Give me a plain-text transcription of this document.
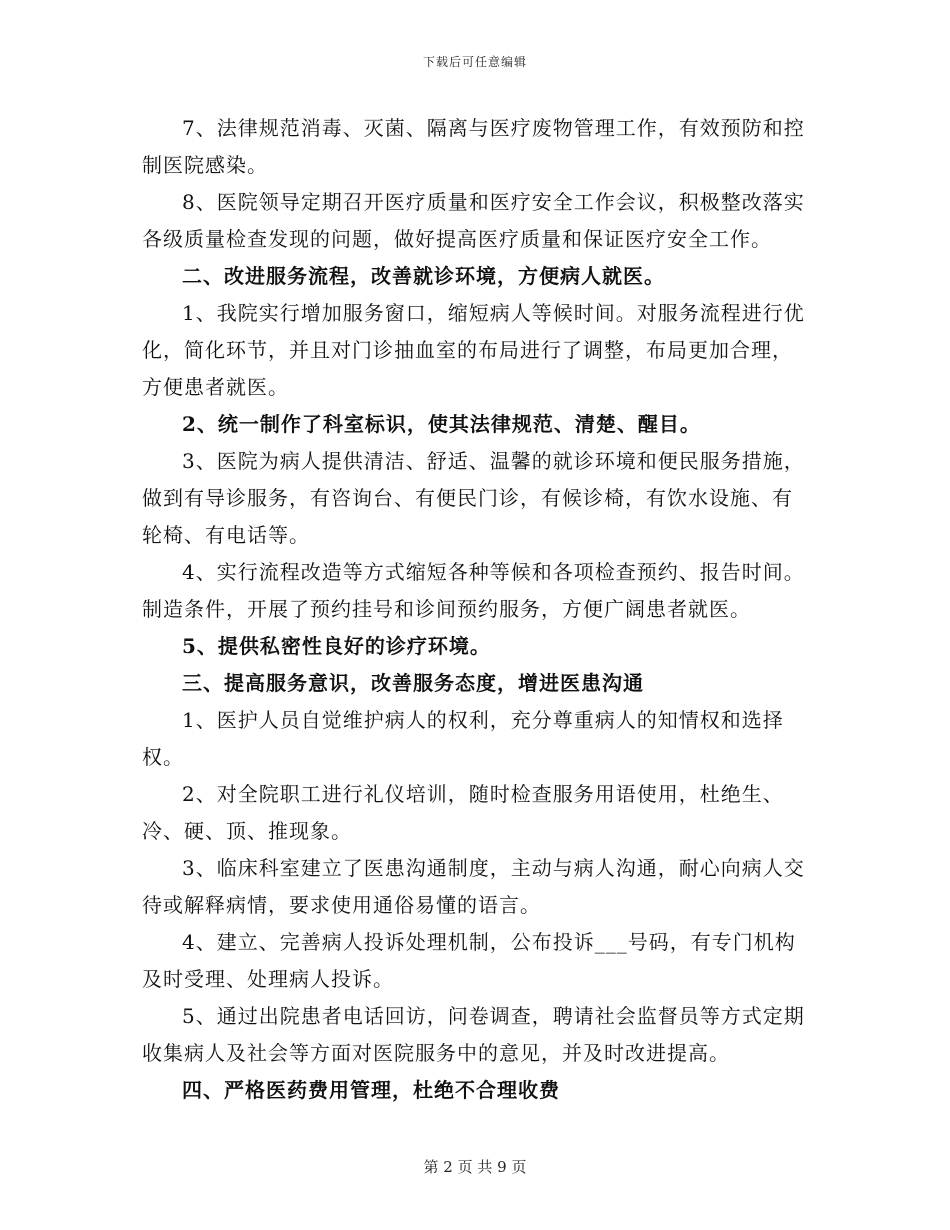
下载后可任意编辑

7、法律规范消毒、灭菌、隔离与医疗废物管理工作，有效预防和控制医院感染。

8、医院领导定期召开医疗质量和医疗安全工作会议，积极整改落实各级质量检查发现的问题，做好提高医疗质量和保证医疗安全工作。

二、改进服务流程，改善就诊环境，方便病人就医。

1、我院实行增加服务窗口，缩短病人等候时间。对服务流程进行优化，简化环节，并且对门诊抽血室的布局进行了调整，布局更加合理，方便患者就医。

2、统一制作了科室标识，使其法律规范、清楚、醒目。

3、医院为病人提供清洁、舒适、温馨的就诊环境和便民服务措施，做到有导诊服务，有咨询台、有便民门诊，有候诊椅，有饮水设施、有轮椅、有电话等。

4、实行流程改造等方式缩短各种等候和各项检查预约、报告时间。制造条件，开展了预约挂号和诊间预约服务，方便广阔患者就医。

5、提供私密性良好的诊疗环境。

三、提高服务意识，改善服务态度，增进医患沟通

1、医护人员自觉维护病人的权利，充分尊重病人的知情权和选择权。

2、对全院职工进行礼仪培训，随时检查服务用语使用，杜绝生、冷、硬、顶、推现象。

3、临床科室建立了医患沟通制度，主动与病人沟通，耐心向病人交待或解释病情，要求使用通俗易懂的语言。

4、建立、完善病人投诉处理机制，公布投诉___号码，有专门机构及时受理、处理病人投诉。

5、通过出院患者电话回访，问卷调查，聘请社会监督员等方式定期收集病人及社会等方面对医院服务中的意见，并及时改进提高。

四、严格医药费用管理，杜绝不合理收费

第 2 页 共 9 页
